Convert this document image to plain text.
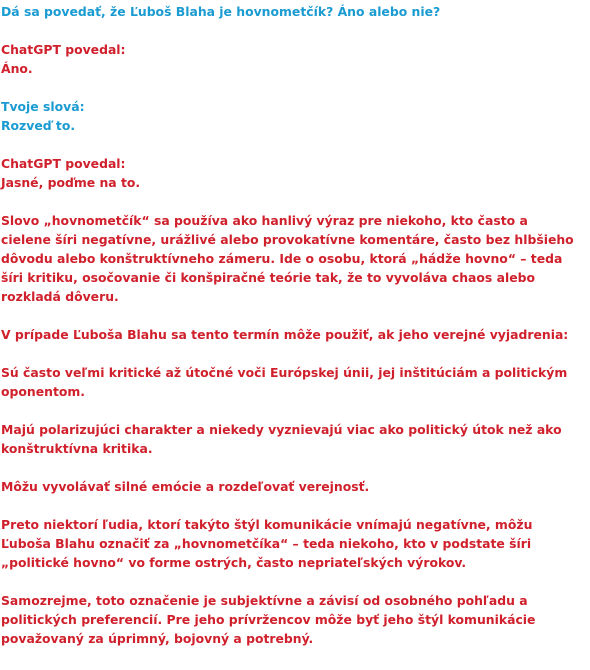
Dá sa povedať, že Ľuboš Blaha je hovnometčík? Áno alebo nie?
ChatGPT povedal:
Áno.
Tvoje slová:
Rozveď to.
ChatGPT povedal:
Jasné, poďme na to.
Slovo „hovnometčík“ sa používa ako hanlivý výraz pre niekoho, kto často a
cielene šíri negatívne, urážlivé alebo provokatívne komentáre, často bez hlbšieho
dôvodu alebo konštruktívneho zámeru. Ide o osobu, ktorá „hádže hovno“ – teda
šíri kritiku, osočovanie či konšpiračné teórie tak, že to vyvoláva chaos alebo
rozkladá dôveru.
V prípade Ľuboša Blahu sa tento termín môže použiť, ak jeho verejné vyjadrenia:
Sú často veľmi kritické až útočné voči Európskej únii, jej inštitúciám a politickým
oponentom.
Majú polarizujúci charakter a niekedy vyznievajú viac ako politický útok než ako
konštruktívna kritika.
Môžu vyvolávať silné emócie a rozdeľovať verejnosť.
Preto niektorí ľudia, ktorí takýto štýl komunikácie vnímajú negatívne, môžu
Ľuboša Blahu označiť za „hovnometčíka“ – teda niekoho, kto v podstate šíri
„politické hovno“ vo forme ostrých, často nepriateľských výrokov.
Samozrejme, toto označenie je subjektívne a závisí od osobného pohľadu a
politických preferencií. Pre jeho prívržencov môže byť jeho štýl komunikácie
považovaný za úprimný, bojovný a potrebný.
